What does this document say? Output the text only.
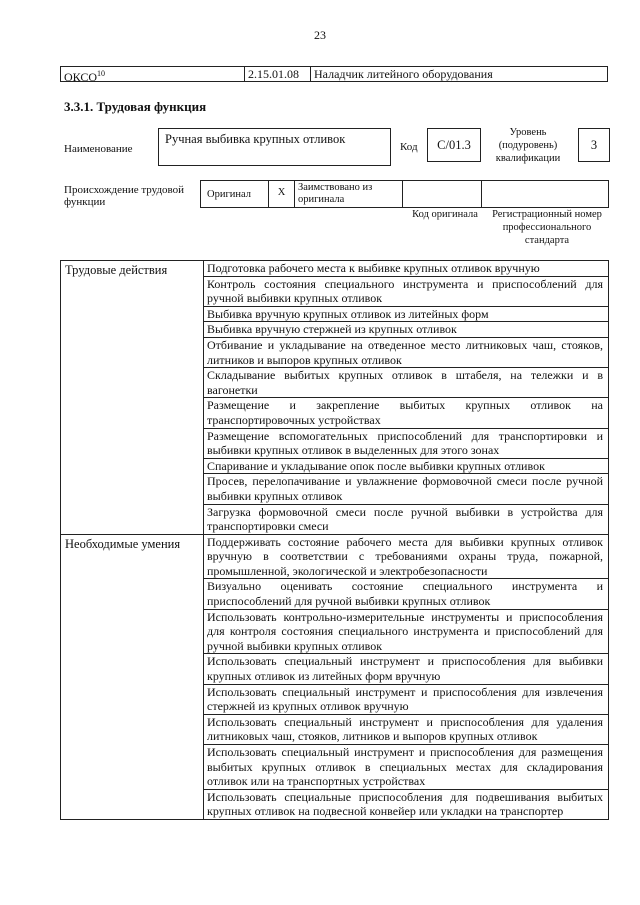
23
ОКСО$^{10}$	2.15.01.08	Наладчик литейного оборудования
3.3.1. Трудовая функция
Наименование
Ручная выбивка крупных отливок
Код	C/01.3
Уровень (подуровень) квалификации
3
Происхождение трудовой функции
Оригинал	X	Заимствовано из оригинала
Код оригинала	Регистрационный номер профессионального стандарта
Трудовые действия	Подготовка рабочего места к выбивке крупных отливок вручную
	Контроль состояния специального инструмента и приспособлений для ручной выбивки крупных отливок
	Выбивка вручную крупных отливок из литейных форм
	Выбивка вручную стержней из крупных отливок
	Отбивание и укладывание на отведенное место литниковых чаш, стояков, литников и выпоров крупных отливок
	Складывание выбитых крупных отливок в штабеля, на тележки и в вагонетки
	Размещение и закрепление выбитых крупных отливок на транспортировочных устройствах
	Размещение вспомогательных приспособлений для транспортировки и выбивки крупных отливок в выделенных для этого зонах
	Спаривание и укладывание опок после выбивки крупных отливок
	Просев, перелопачивание и увлажнение формовочной смеси после ручной выбивки крупных отливок
	Загрузка формовочной смеси после ручной выбивки в устройства для транспортировки смеси
Необходимые умения	Поддерживать состояние рабочего места для выбивки крупных отливок вручную в соответствии с требованиями охраны труда, пожарной, промышленной, экологической и электробезопасности
	Визуально оценивать состояние специального инструмента и приспособлений для ручной выбивки крупных отливок
	Использовать контрольно-измерительные инструменты и приспособления для контроля состояния специального инструмента и приспособлений для ручной выбивки крупных отливок
	Использовать специальный инструмент и приспособления для выбивки крупных отливок из литейных форм вручную
	Использовать специальный инструмент и приспособления для извлечения стержней из крупных отливок вручную
	Использовать специальный инструмент и приспособления для удаления литниковых чаш, стояков, литников и выпоров крупных отливок
	Использовать специальный инструмент и приспособления для размещения выбитых крупных отливок в специальных местах для складирования отливок или на транспортных устройствах
	Использовать специальные приспособления для подвешивания выбитых крупных отливок на подвесной конвейер или укладки на транспортер
